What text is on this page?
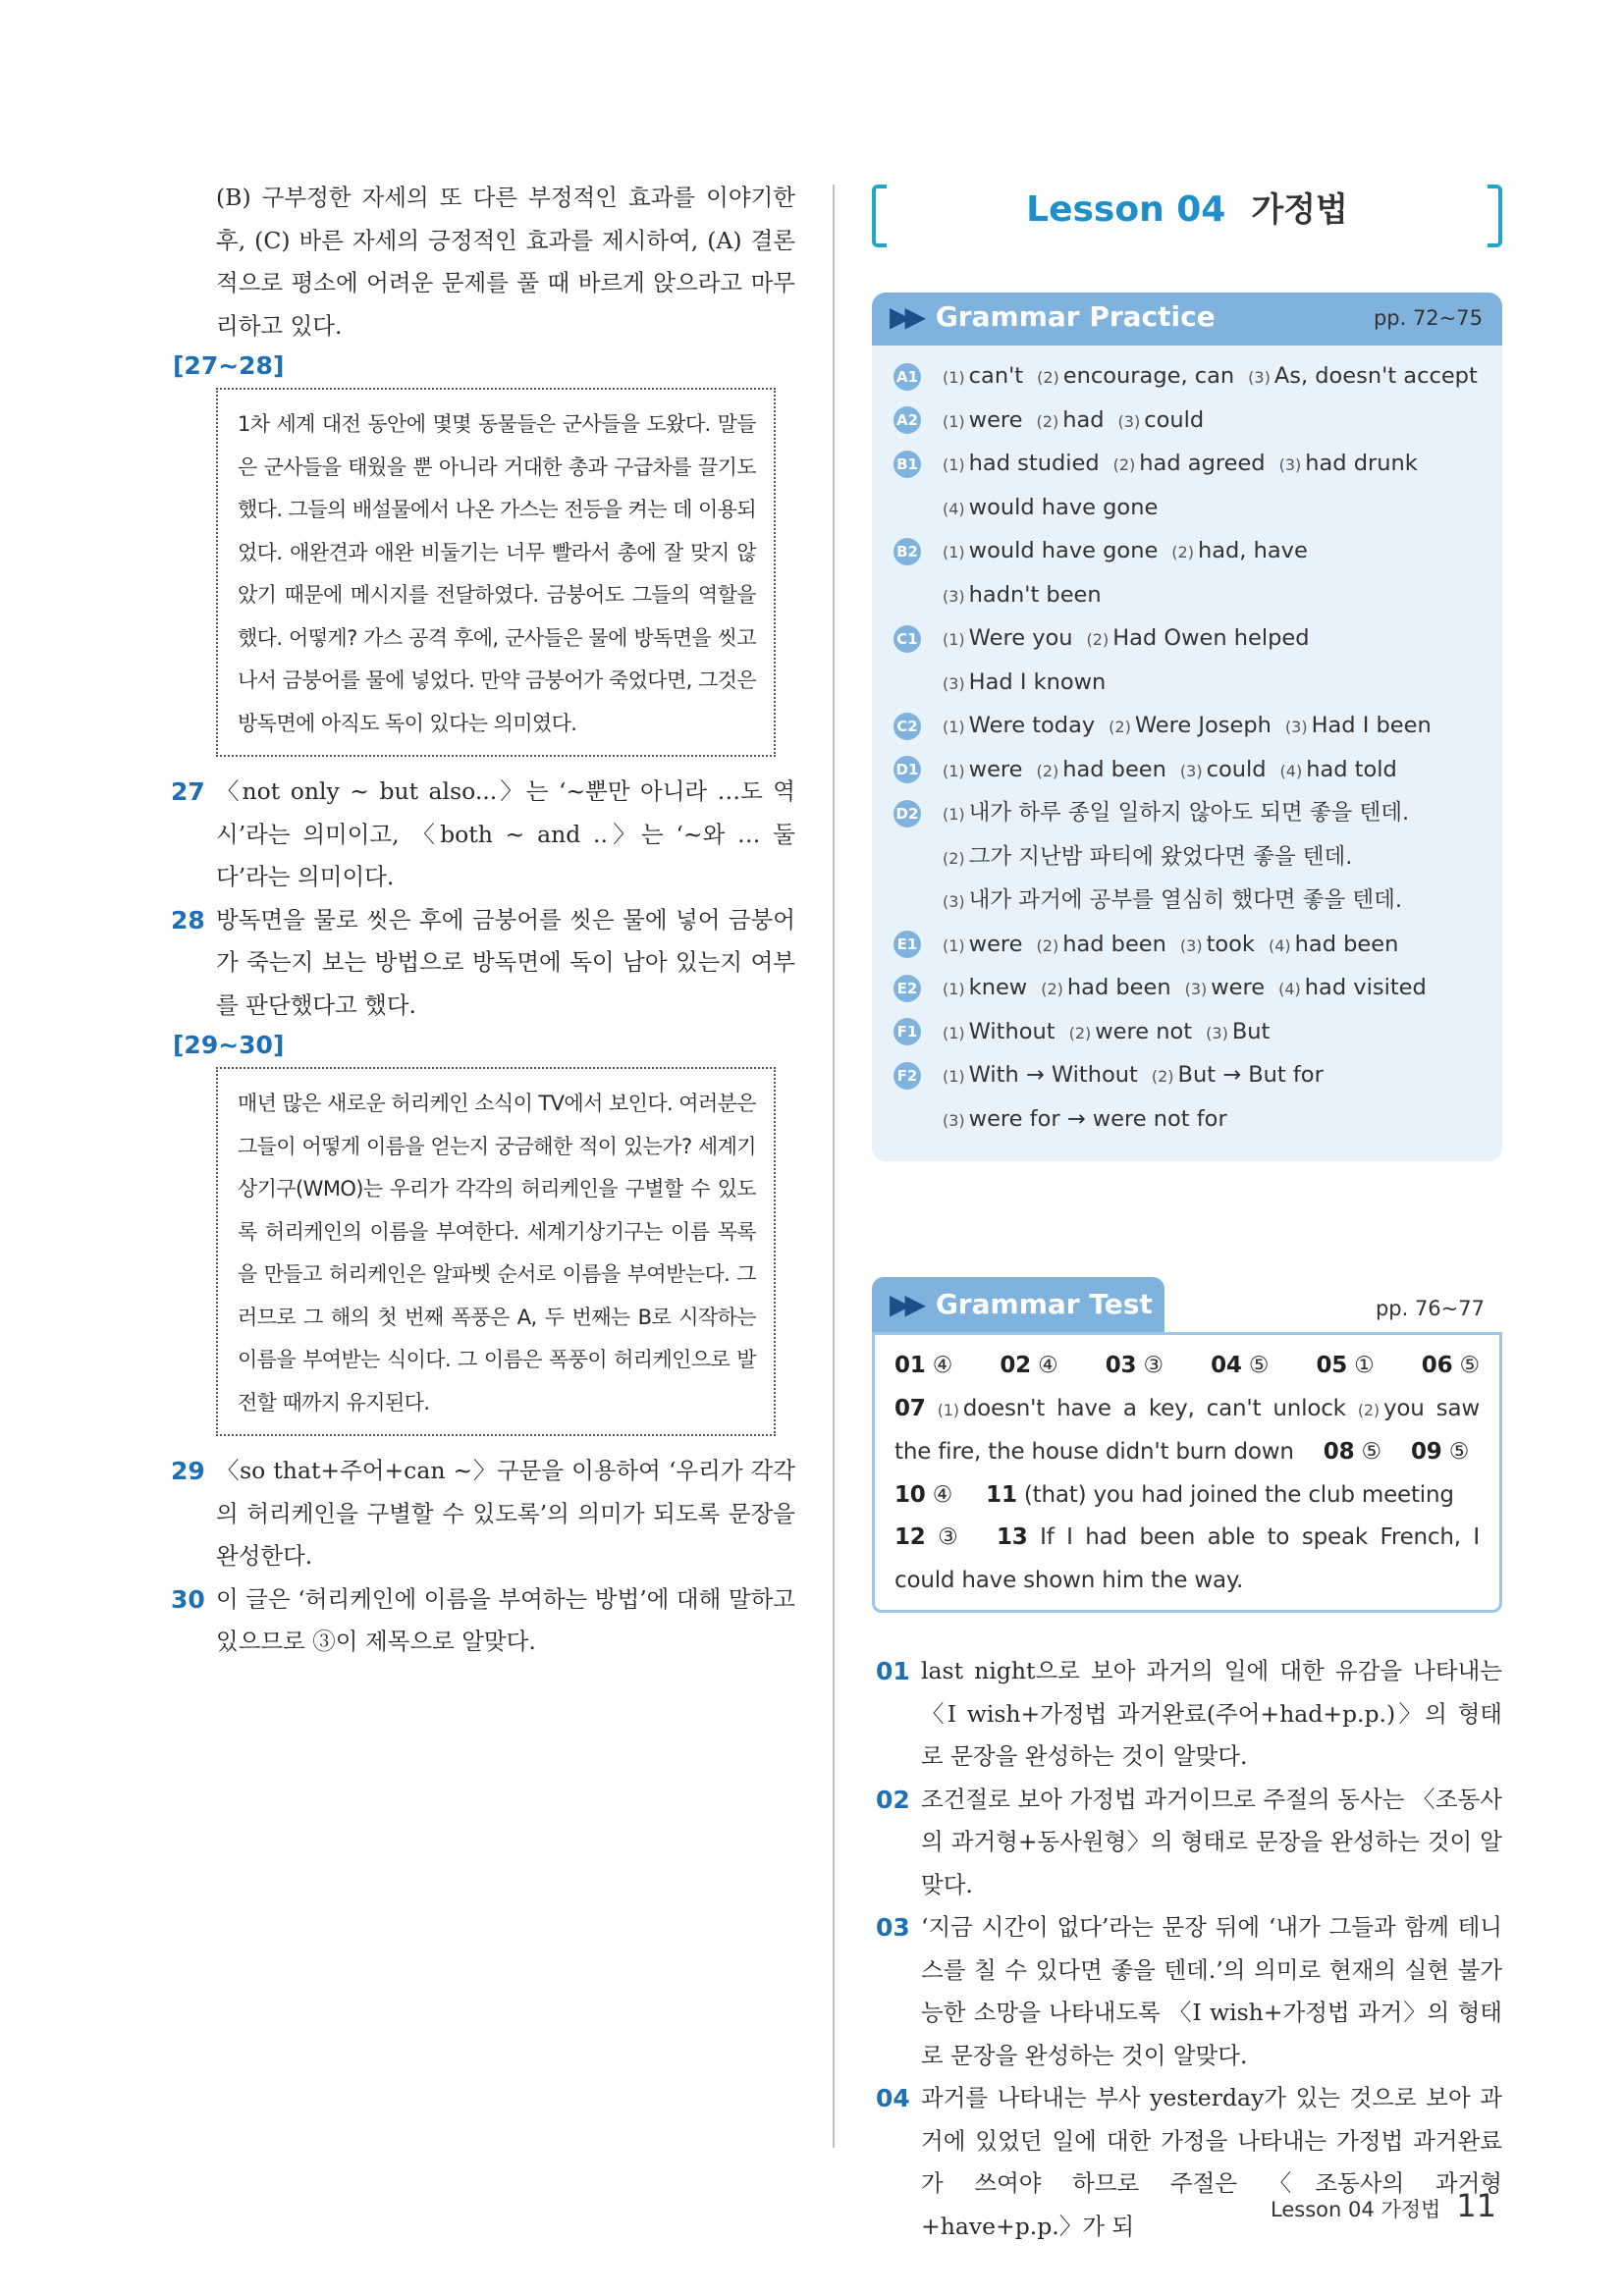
(B) 구부정한 자세의 또 다른 부정적인 효과를 이야기한 후, (C) 바른 자세의 긍정적인 효과를 제시하여, (A) 결론적으로 평소에 어려운 문제를 풀 때 바르게 앉으라고 마무리하고 있다.
[27~28]
1차 세계 대전 동안에 몇몇 동물들은 군사들을 도왔다. 말들은 군사들을 태웠을 뿐 아니라 거대한 총과 구급차를 끌기도 했다. 그들의 배설물에서 나온 가스는 전등을 켜는 데 이용되었다. 애완견과 애완 비둘기는 너무 빨라서 총에 잘 맞지 않았기 때문에 메시지를 전달하였다. 금붕어도 그들의 역할을 했다. 어떻게? 가스 공격 후에, 군사들은 물에 방독면을 씻고 나서 금붕어를 물에 넣었다. 만약 금붕어가 죽었다면, 그것은 방독면에 아직도 독이 있다는 의미였다.
27 〈not only ~ but also...〉는 ‘~뿐만 아니라 …도 역시’라는 의미이고, 〈both ~ and ..〉는 ‘~와 … 둘 다’라는 의미이다.
28 방독면을 물로 씻은 후에 금붕어를 씻은 물에 넣어 금붕어가 죽는지 보는 방법으로 방독면에 독이 남아 있는지 여부를 판단했다고 했다.
[29~30]
매년 많은 새로운 허리케인 소식이 TV에서 보인다. 여러분은 그들이 어떻게 이름을 얻는지 궁금해한 적이 있는가? 세계기상기구(WMO)는 우리가 각각의 허리케인을 구별할 수 있도록 허리케인의 이름을 부여한다. 세계기상기구는 이름 목록을 만들고 허리케인은 알파벳 순서로 이름을 부여받는다. 그러므로 그 해의 첫 번째 폭풍은 A, 두 번째는 B로 시작하는 이름을 부여받는 식이다. 그 이름은 폭풍이 허리케인으로 발전할 때까지 유지된다.
29 〈so that+주어+can ~〉구문을 이용하여 ‘우리가 각각의 허리케인을 구별할 수 있도록’의 의미가 되도록 문장을 완성한다.
30 이 글은 ‘허리케인에 이름을 부여하는 방법’에 대해 말하고 있으므로 ③이 제목으로 알맞다.
Lesson 04 가정법
▶▶ Grammar Practice	pp. 72~75
A1	(1) can't (2) encourage, can (3) As, doesn't accept
A2	(1) were (2) had (3) could
B1	(1) had studied (2) had agreed (3) had drunk
(4) would have gone
B2	(1) would have gone (2) had, have
(3) hadn't been
C1	(1) Were you (2) Had Owen helped
(3) Had I known
C2	(1) Were today (2) Were Joseph (3) Had I been
D1	(1) were (2) had been (3) could (4) had told
D2	(1) 내가 하루 종일 일하지 않아도 되면 좋을 텐데.
(2) 그가 지난밤 파티에 왔었다면 좋을 텐데.
(3) 내가 과거에 공부를 열심히 했다면 좋을 텐데.
E1	(1) were (2) had been (3) took (4) had been
E2	(1) knew (2) had been (3) were (4) had visited
F1	(1) Without (2) were not (3) But
F2	(1) With → Without (2) But → But for
(3) were for → were not for
▶▶ Grammar Test	pp. 76~77
01 ④ 02 ④ 03 ③ 04 ⑤ 05 ① 06 ⑤
07 (1) doesn't have a key, can't unlock (2) you saw the fire, the house didn't burn down 08 ⑤ 09 ⑤
10 ④ 11 (that) you had joined the club meeting
12 ③ 13 If I had been able to speak French, I could have shown him the way.
01 last night으로 보아 과거의 일에 대한 유감을 나타내는 〈I wish+가정법 과거완료(주어+had+p.p.)〉의 형태로 문장을 완성하는 것이 알맞다.
02 조건절로 보아 가정법 과거이므로 주절의 동사는 〈조동사의 과거형+동사원형〉의 형태로 문장을 완성하는 것이 알맞다.
03 ‘지금 시간이 없다’라는 문장 뒤에 ‘내가 그들과 함께 테니스를 칠 수 있다면 좋을 텐데.’의 의미로 현재의 실현 불가능한 소망을 나타내도록 〈I wish+가정법 과거〉의 형태로 문장을 완성하는 것이 알맞다.
04 과거를 나타내는 부사 yesterday가 있는 것으로 보아 과거에 있었던 일에 대한 가정을 나타내는 가정법 과거완료가 쓰여야 하므로 주절은 〈조동사의 과거형+have+p.p.〉가 되
Lesson 04 가정법 11
